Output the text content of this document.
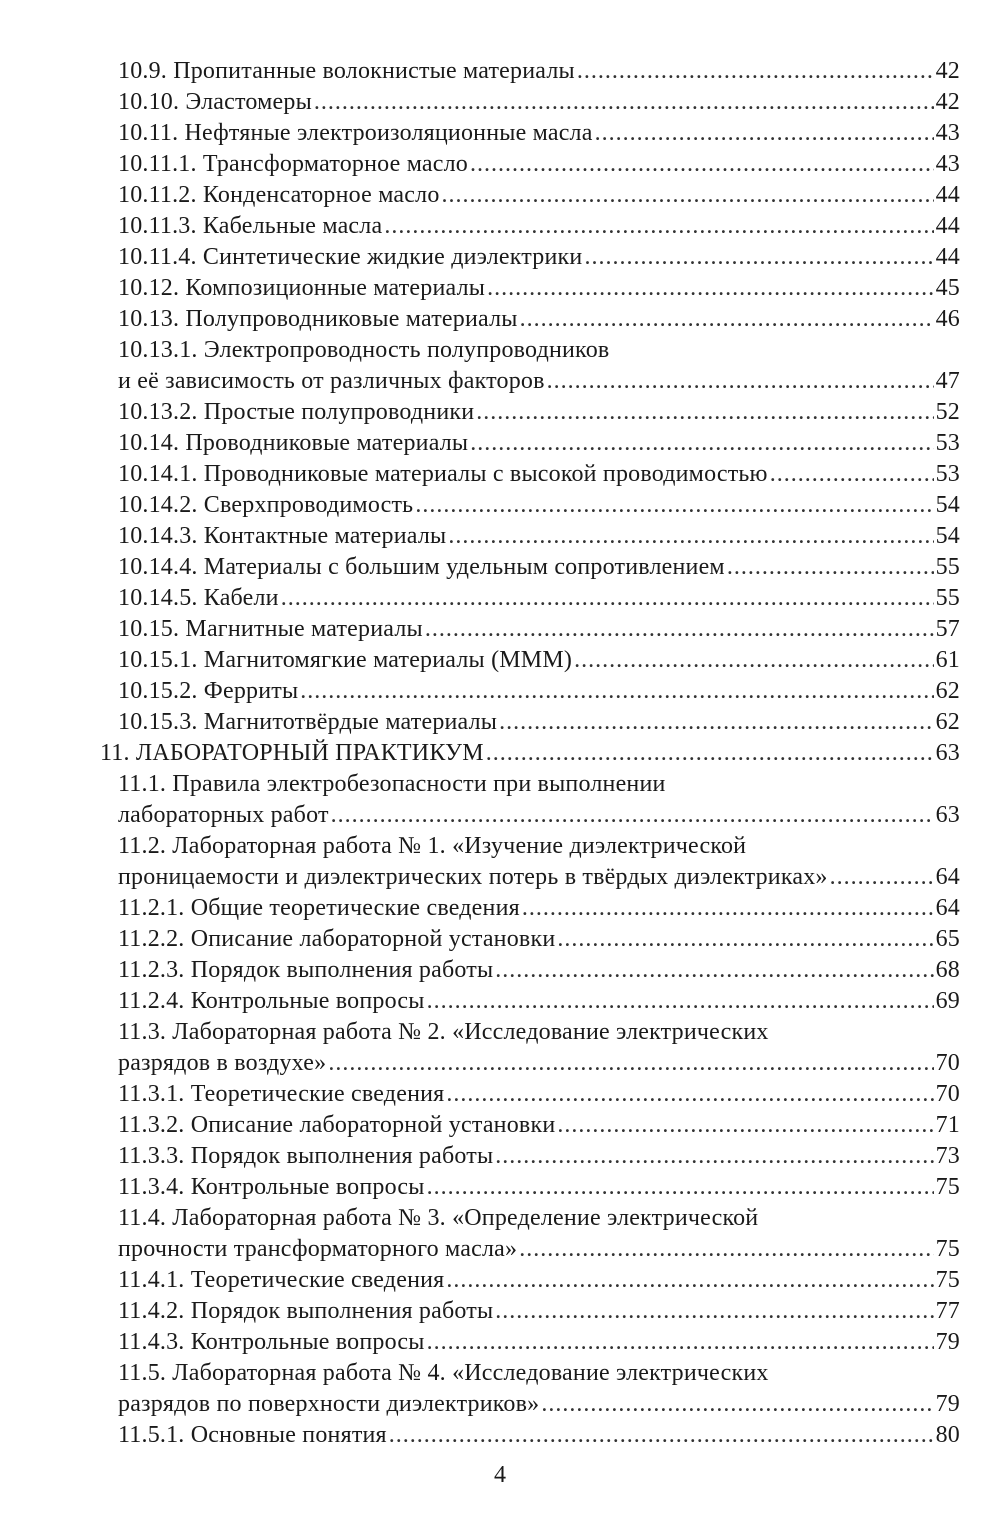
10.9. Пропитанные волокнистые материалы .....	42
10.10. Эластомеры .....	42
10.11. Нефтяные электроизоляционные масла .....	43
10.11.1. Трансформаторное масло .....	43
10.11.2. Конденсаторное масло .....	44
10.11.3. Кабельные масла .....	44
10.11.4. Синтетические жидкие диэлектрики .....	44
10.12. Композиционные материалы .....	45
10.13. Полупроводниковые материалы .....	46
10.13.1. Электропроводность полупроводников
и её зависимость от различных факторов .....	47
10.13.2. Простые полупроводники .....	52
10.14. Проводниковые материалы .....	53
10.14.1. Проводниковые материалы с высокой проводимостью .....	53
10.14.2. Сверхпроводимость .....	54
10.14.3. Контактные материалы .....	54
10.14.4. Материалы с большим удельным сопротивлением .....	55
10.14.5. Кабели .....	55
10.15. Магнитные материалы .....	57
10.15.1. Магнитомягкие материалы (МММ) .....	61
10.15.2. Ферриты .....	62
10.15.3. Магнитотвёрдые материалы .....	62
11. ЛАБОРАТОРНЫЙ ПРАКТИКУМ .....	63
11.1. Правила электробезопасности при выполнении
лабораторных работ .....	63
11.2. Лабораторная работа № 1. «Изучение диэлектрической
проницаемости и диэлектрических потерь в твёрдых диэлектриках» .....	64
11.2.1. Общие теоретические сведения .....	64
11.2.2. Описание лабораторной установки .....	65
11.2.3. Порядок выполнения работы .....	68
11.2.4. Контрольные вопросы .....	69
11.3. Лабораторная работа № 2. «Исследование электрических
разрядов в воздухе» .....	70
11.3.1. Теоретические сведения .....	70
11.3.2. Описание лабораторной установки .....	71
11.3.3. Порядок выполнения работы .....	73
11.3.4. Контрольные вопросы .....	75
11.4. Лабораторная работа № 3. «Определение электрической
прочности трансформаторного масла» .....	75
11.4.1. Теоретические сведения .....	75
11.4.2. Порядок выполнения работы .....	77
11.4.3. Контрольные вопросы .....	79
11.5. Лабораторная работа № 4. «Исследование электрических
разрядов по поверхности диэлектриков» .....	79
11.5.1. Основные понятия .....	80
4
